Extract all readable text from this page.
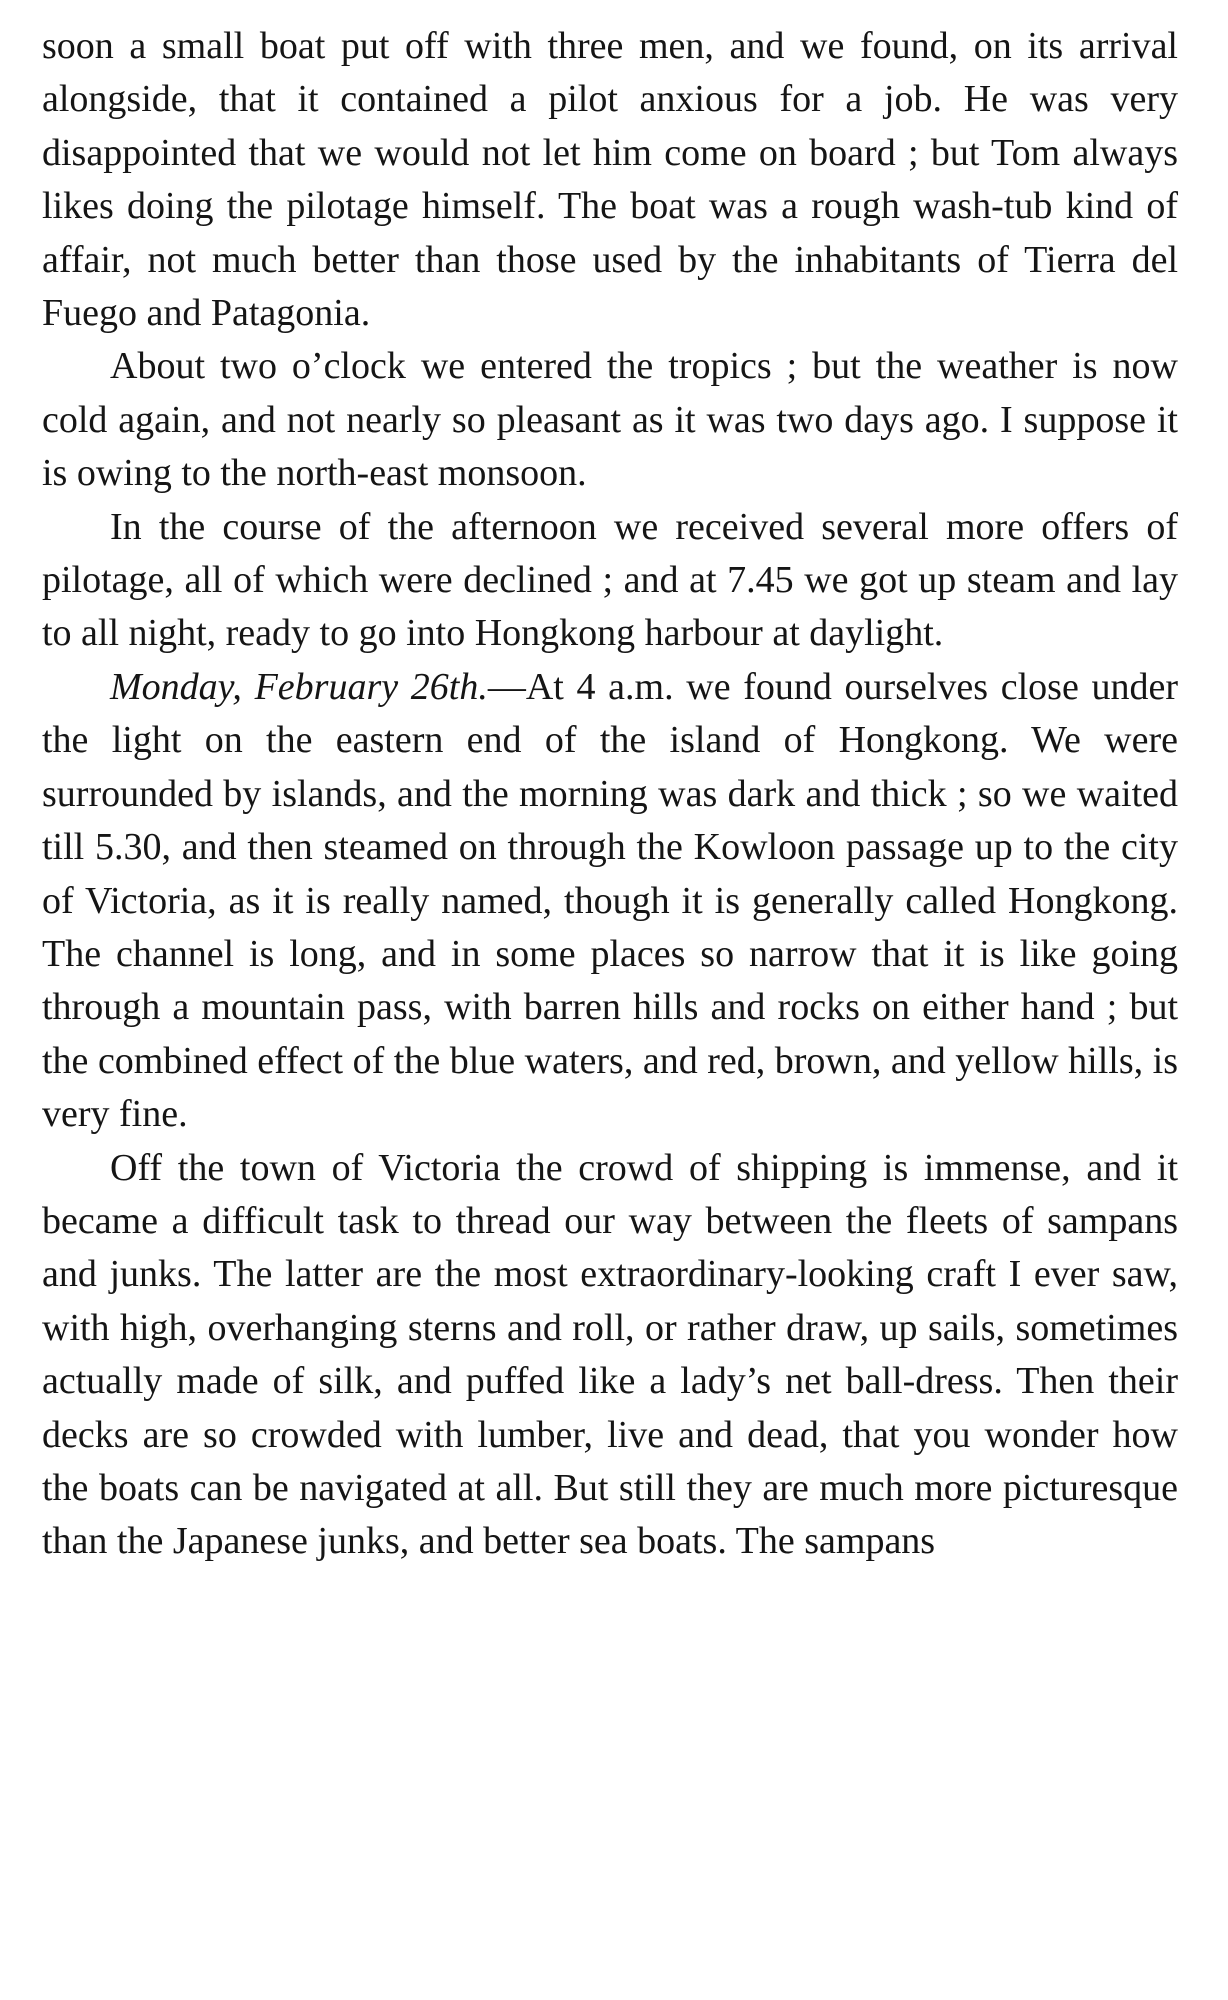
soon a small boat put off with three men, and we found, on its arrival alongside, that it contained a pilot anxious for a job. He was very disappointed that we would not let him come on board ; but Tom always likes doing the pilotage himself. The boat was a rough wash-tub kind of affair, not much better than those used by the inhabitants of Tierra del Fuego and Patagonia.

About two o’clock we entered the tropics ; but the weather is now cold again, and not nearly so pleasant as it was two days ago. I suppose it is owing to the north-east monsoon.

In the course of the afternoon we received several more offers of pilotage, all of which were declined ; and at 7.45 we got up steam and lay to all night, ready to go into Hongkong harbour at daylight.

Monday, February 26th.—At 4 a.m. we found ourselves close under the light on the eastern end of the island of Hongkong. We were surrounded by islands, and the morning was dark and thick ; so we waited till 5.30, and then steamed on through the Kowloon passage up to the city of Victoria, as it is really named, though it is generally called Hongkong. The channel is long, and in some places so narrow that it is like going through a mountain pass, with barren hills and rocks on either hand ; but the combined effect of the blue waters, and red, brown, and yellow hills, is very fine.

Off the town of Victoria the crowd of shipping is immense, and it became a difficult task to thread our way between the fleets of sampans and junks. The latter are the most extraordinary-looking craft I ever saw, with high, overhanging sterns and roll, or rather draw, up sails, sometimes actually made of silk, and puffed like a lady’s net ball-dress. Then their decks are so crowded with lumber, live and dead, that you wonder how the boats can be navigated at all. But still they are much more picturesque than the Japanese junks, and better sea boats. The sampans
